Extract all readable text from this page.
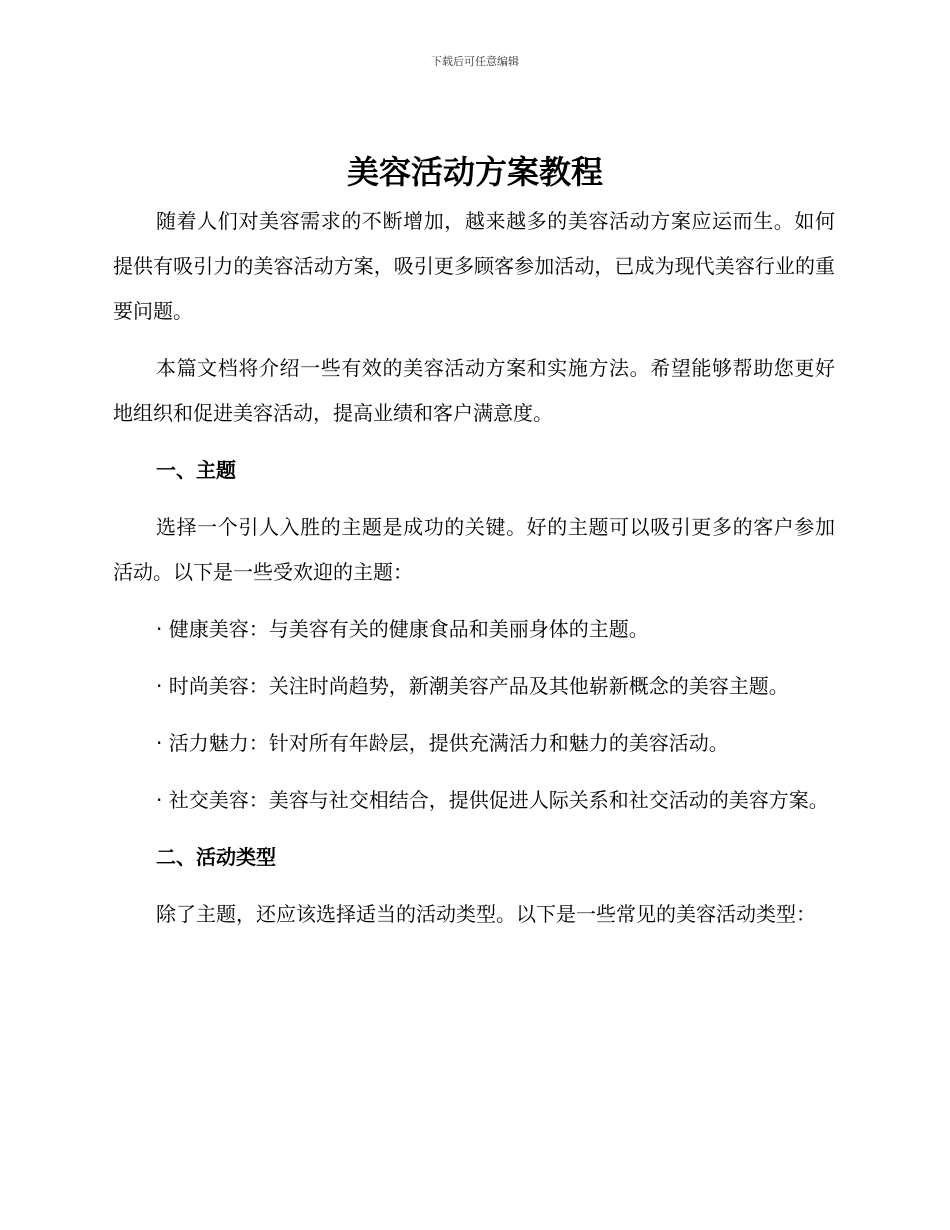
下载后可任意编辑
美容活动方案教程

随着人们对美容需求的不断增加，越来越多的美容活动方案应运而生。如何提供有吸引力的美容活动方案，吸引更多顾客参加活动，已成为现代美容行业的重要问题。

本篇文档将介绍一些有效的美容活动方案和实施方法。希望能够帮助您更好地组织和促进美容活动，提高业绩和客户满意度。

一、主题

选择一个引人入胜的主题是成功的关键。好的主题可以吸引更多的客户参加活动。以下是一些受欢迎的主题：

· 健康美容：与美容有关的健康食品和美丽身体的主题。

· 时尚美容：关注时尚趋势，新潮美容产品及其他崭新概念的美容主题。

· 活力魅力：针对所有年龄层，提供充满活力和魅力的美容活动。

· 社交美容：美容与社交相结合，提供促进人际关系和社交活动的美容方案。

二、活动类型

除了主题，还应该选择适当的活动类型。以下是一些常见的美容活动类型：
